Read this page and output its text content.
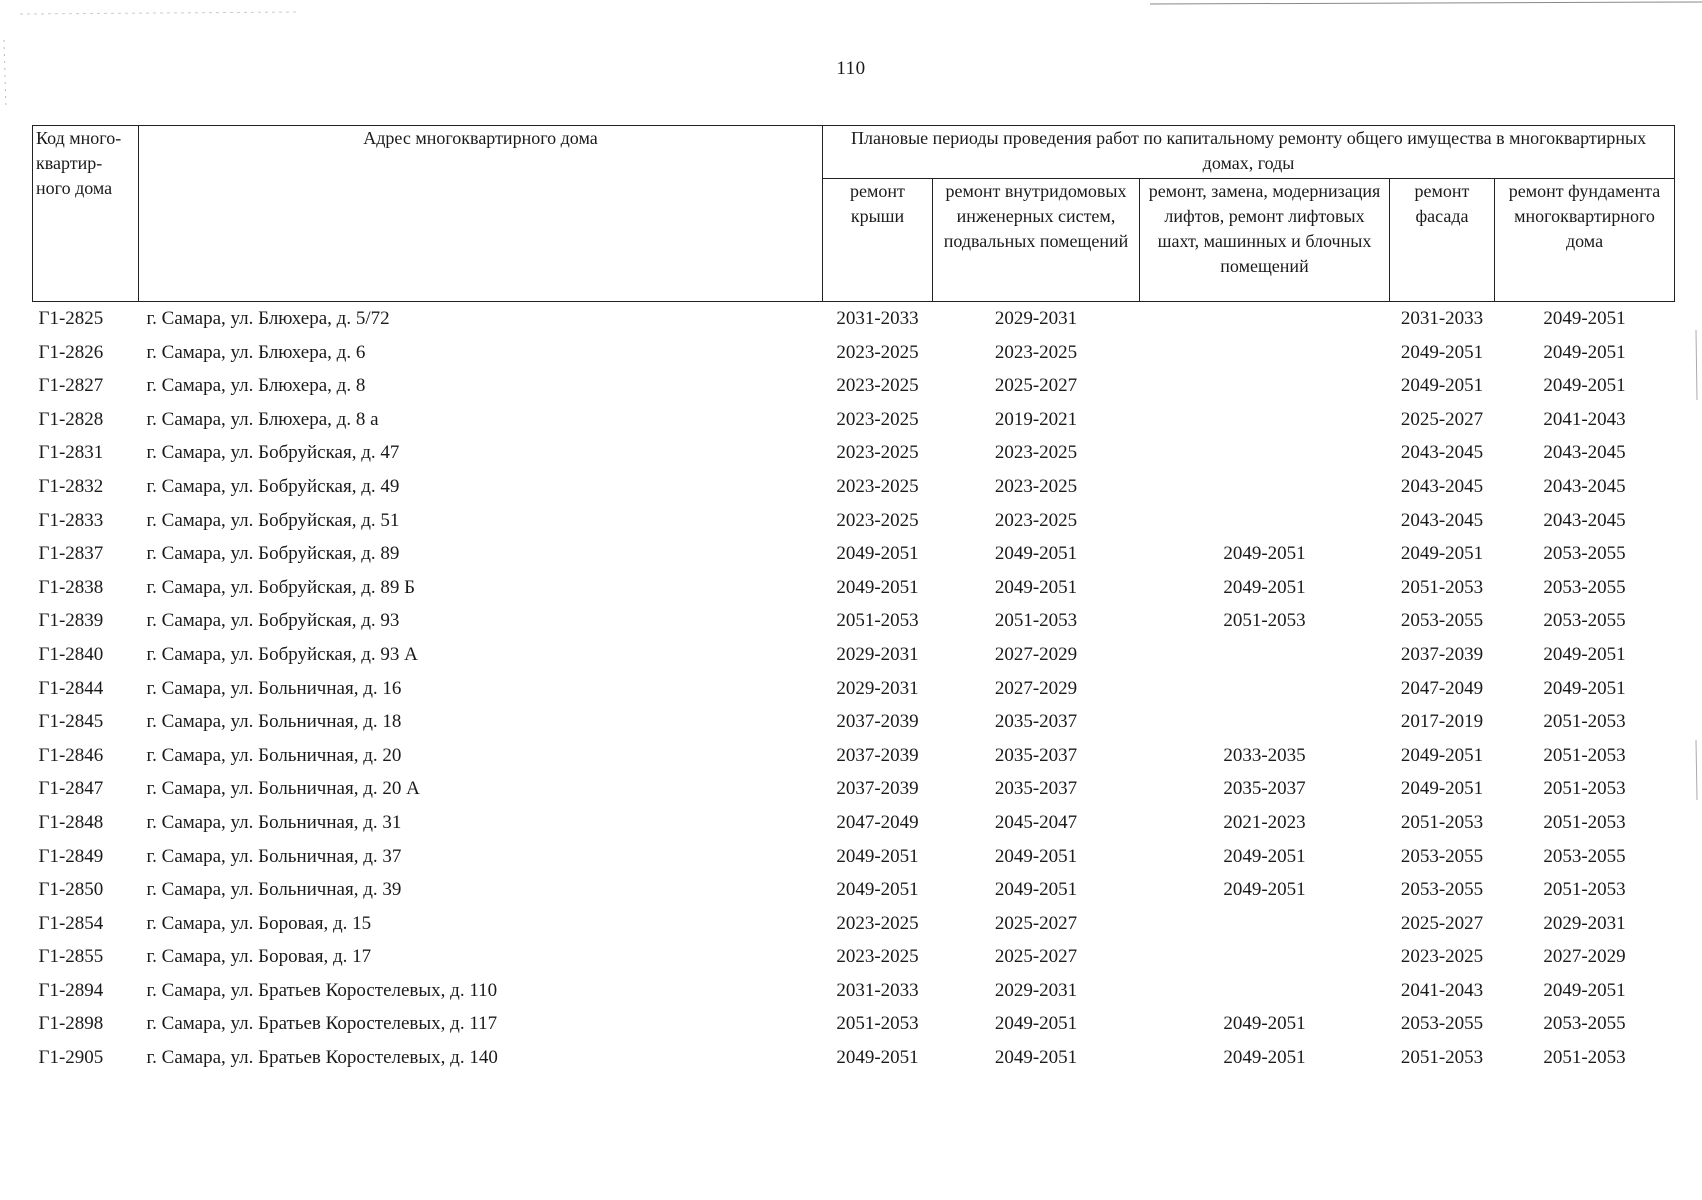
110
Код много-квартир-ного дома	Адрес многоквартирного дома	Плановые периоды проведения работ по капитальному ремонту общего имущества в многоквартирных домах, годы				
		ремонт крыши	ремонт внутридомовых инженерных систем, подвальных помещений	ремонт, замена, модернизация лифтов, ремонт лифтовых шахт, машинных и блочных помещений	ремонт фасада	ремонт фундамента многоквартирного дома
Г1-2825	г. Самара, ул. Блюхера, д. 5/72	2031-2033	2029-2031		2031-2033	2049-2051
Г1-2826	г. Самара, ул. Блюхера, д. 6	2023-2025	2023-2025		2049-2051	2049-2051
Г1-2827	г. Самара, ул. Блюхера, д. 8	2023-2025	2025-2027		2049-2051	2049-2051
Г1-2828	г. Самара, ул. Блюхера, д. 8 а	2023-2025	2019-2021		2025-2027	2041-2043
Г1-2831	г. Самара, ул. Бобруйская, д. 47	2023-2025	2023-2025		2043-2045	2043-2045
Г1-2832	г. Самара, ул. Бобруйская, д. 49	2023-2025	2023-2025		2043-2045	2043-2045
Г1-2833	г. Самара, ул. Бобруйская, д. 51	2023-2025	2023-2025		2043-2045	2043-2045
Г1-2837	г. Самара, ул. Бобруйская, д. 89	2049-2051	2049-2051	2049-2051	2049-2051	2053-2055
Г1-2838	г. Самара, ул. Бобруйская, д. 89 Б	2049-2051	2049-2051	2049-2051	2051-2053	2053-2055
Г1-2839	г. Самара, ул. Бобруйская, д. 93	2051-2053	2051-2053	2051-2053	2053-2055	2053-2055
Г1-2840	г. Самара, ул. Бобруйская, д. 93 А	2029-2031	2027-2029		2037-2039	2049-2051
Г1-2844	г. Самара, ул. Больничная, д. 16	2029-2031	2027-2029		2047-2049	2049-2051
Г1-2845	г. Самара, ул. Больничная, д. 18	2037-2039	2035-2037		2017-2019	2051-2053
Г1-2846	г. Самара, ул. Больничная, д. 20	2037-2039	2035-2037	2033-2035	2049-2051	2051-2053
Г1-2847	г. Самара, ул. Больничная, д. 20 А	2037-2039	2035-2037	2035-2037	2049-2051	2051-2053
Г1-2848	г. Самара, ул. Больничная, д. 31	2047-2049	2045-2047	2021-2023	2051-2053	2051-2053
Г1-2849	г. Самара, ул. Больничная, д. 37	2049-2051	2049-2051	2049-2051	2053-2055	2053-2055
Г1-2850	г. Самара, ул. Больничная, д. 39	2049-2051	2049-2051	2049-2051	2053-2055	2051-2053
Г1-2854	г. Самара, ул. Боровая, д. 15	2023-2025	2025-2027		2025-2027	2029-2031
Г1-2855	г. Самара, ул. Боровая, д. 17	2023-2025	2025-2027		2023-2025	2027-2029
Г1-2894	г. Самара, ул. Братьев Коростелевых, д. 110	2031-2033	2029-2031		2041-2043	2049-2051
Г1-2898	г. Самара, ул. Братьев Коростелевых, д. 117	2051-2053	2049-2051	2049-2051	2053-2055	2053-2055
Г1-2905	г. Самара, ул. Братьев Коростелевых, д. 140	2049-2051	2049-2051	2049-2051	2051-2053	2051-2053
